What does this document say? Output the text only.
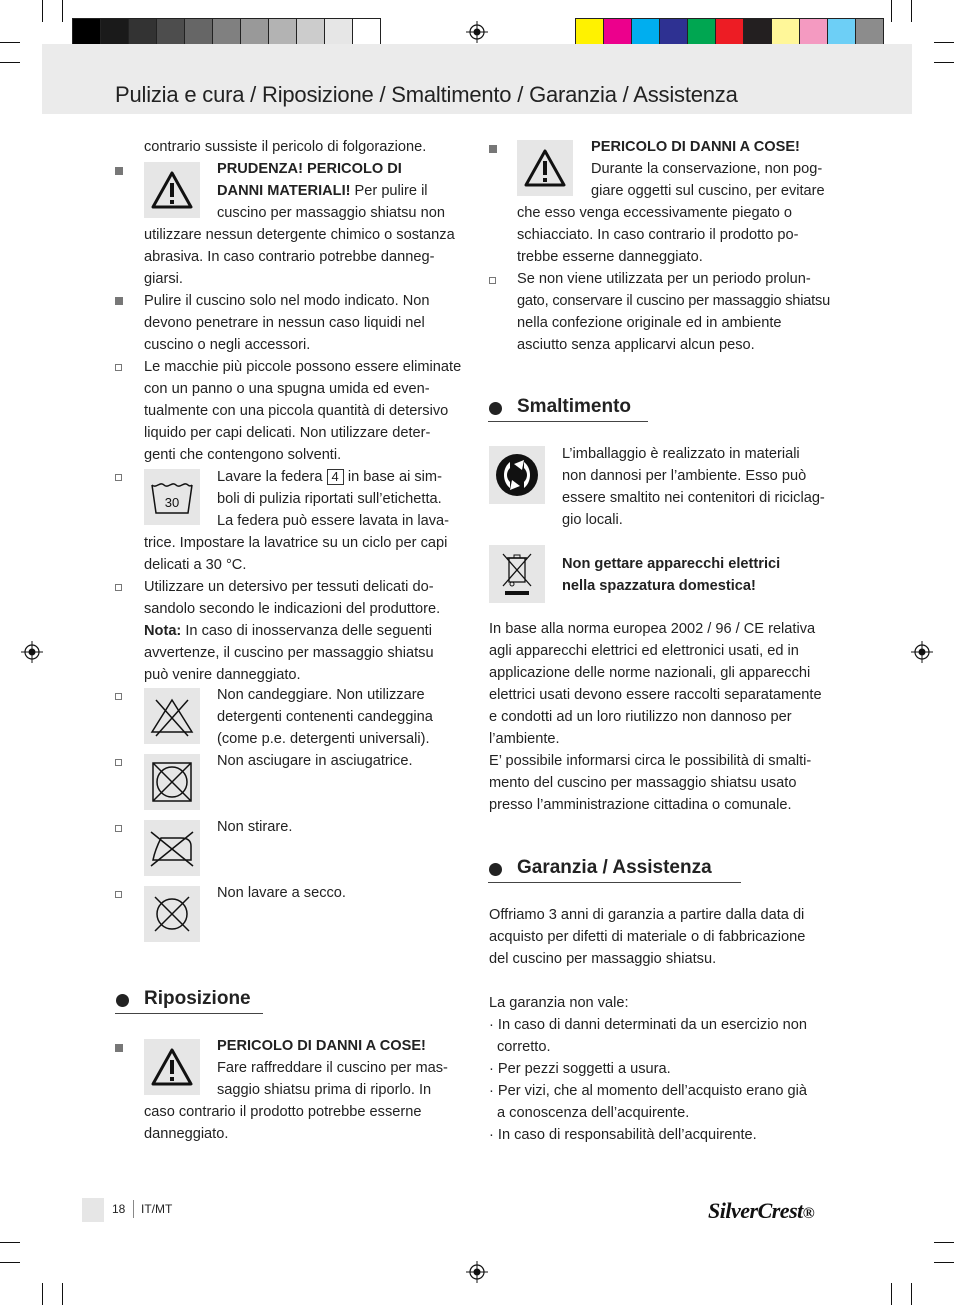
Pulizia e cura / Riposizione / Smaltimento / Garanzia / Assistenza
contrario sussiste il pericolo di folgorazione.
PRUDENZA! PERICOLO DI
DANNI MATERIALI! Per pulire il
cuscino per massaggio shiatsu non
utilizzare nessun detergente chimico o sostanza
abrasiva. In caso contrario potrebbe danneg-
giarsi.
Pulire il cuscino solo nel modo indicato. Non
devono penetrare in nessun caso liquidi nel
cuscino o negli accessori.
Le macchie più piccole possono essere eliminate
con un panno o una spugna umida ed even-
tualmente con una piccola quantità di detersivo
liquido per capi delicati. Non utilizzare deter-
genti che contengono solventi.
30
Lavare la federa 4 in base ai sim-
boli di pulizia riportati sull’etichetta.
La federa può essere lavata in lava-
trice. Impostare la lavatrice su un ciclo per capi
delicati a 30 °C.
Utilizzare un detersivo per tessuti delicati do-
sandolo secondo le indicazioni del produttore.
Nota: In caso di inosservanza delle seguenti
avvertenze, il cuscino per massaggio shiatsu
può venire danneggiato.
Non candeggiare. Non utilizzare
detergenti contenenti candeggina
(come p.e. detergenti universali).
Non asciugare in asciugatrice.
Non stirare.
Non lavare a secco.
Riposizione
PERICOLO DI DANNI A COSE!
Fare raffreddare il cuscino per mas-
saggio shiatsu prima di riporlo. In
caso contrario il prodotto potrebbe esserne
danneggiato.
PERICOLO DI DANNI A COSE!
Durante la conservazione, non pog-
giare oggetti sul cuscino, per evitare
che esso venga eccessivamente piegato o
schiacciato. In caso contrario il prodotto po-
trebbe esserne danneggiato.
Se non viene utilizzata per un periodo prolun-
gato, conservare il cuscino per massaggio shiatsu
nella confezione originale ed in ambiente
asciutto senza applicarvi alcun peso.
Smaltimento
L’imballaggio è realizzato in materiali
non dannosi per l’ambiente. Esso può
essere smaltito nei contenitori di riciclag-
gio locali.
Non gettare apparecchi elettrici
nella spazzatura domestica!
In base alla norma europea 2002 / 96 / CE relativa
agli apparecchi elettrici ed elettronici usati, ed in
applicazione delle norme nazionali, gli apparecchi
elettrici usati devono essere raccolti separatamente
e condotti ad un loro riutilizzo non dannoso per
l’ambiente.
E’ possibile informarsi circa le possibilità di smalti-
mento del cuscino per massaggio shiatsu usato
presso l’amministrazione cittadina o comunale.
Garanzia / Assistenza
Offriamo 3 anni di garanzia a partire dalla data di
acquisto per difetti di materiale o di fabbricazione
del cuscino per massaggio shiatsu.
La garanzia non vale:
· In caso di danni determinati da un esercizio non
corretto.
· Per pezzi soggetti a usura.
· Per vizi, che al momento dell’acquisto erano già
a conoscenza dell’acquirente.
· In caso di responsabilità dell’acquirente.
18 IT/MT	SilverCrest®
